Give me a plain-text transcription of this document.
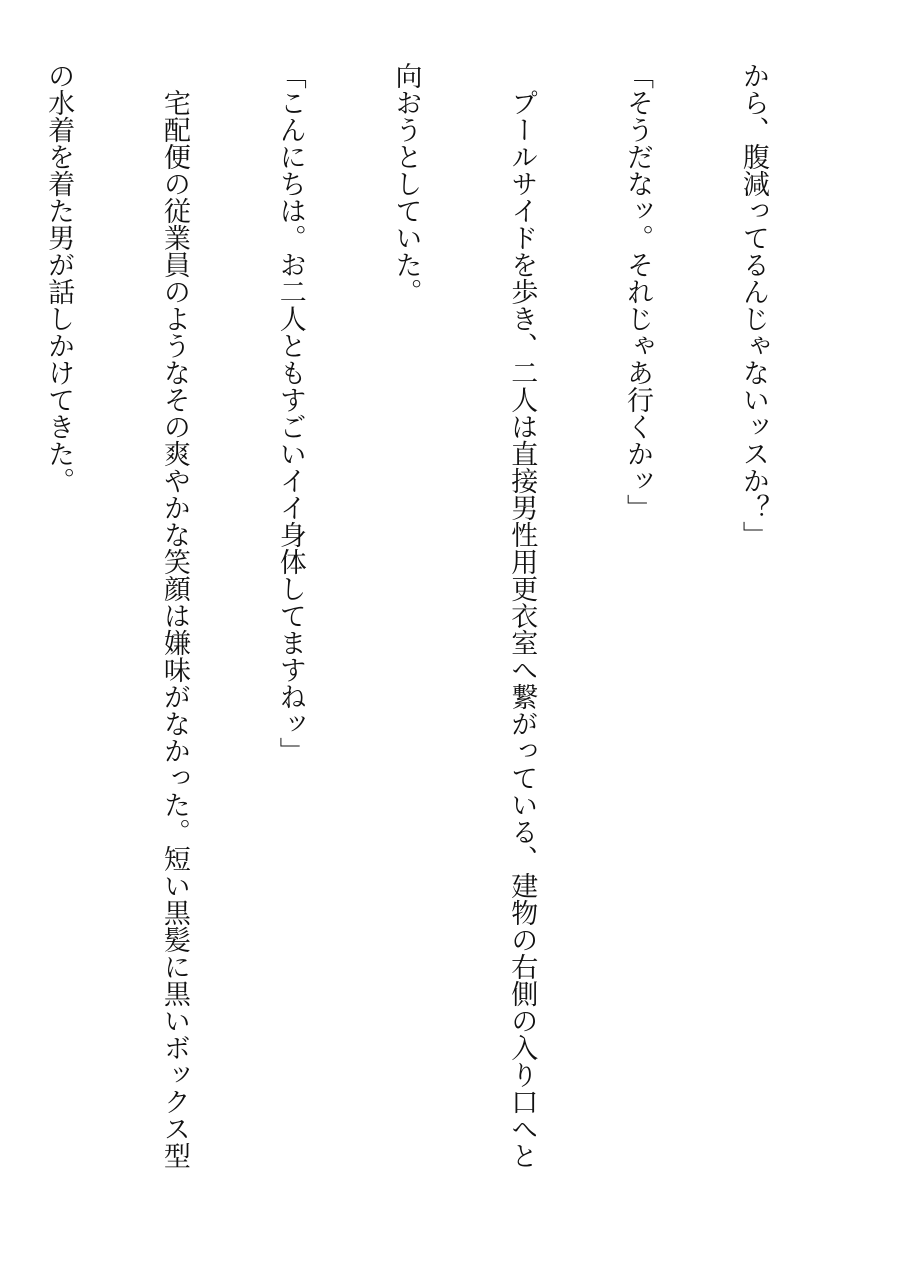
から、腹減ってるんじゃないッスか？」

「そうだなッ。それじゃあ行くかッ」

　プールサイドを歩き、二人は直接男性用更衣室へ繋がっている、建物の右側の入り口へと

向おうとしていた。

「こんにちは。お二人ともすごいイイ身体してますねッ」

　宅配便の従業員のようなその爽やかな笑顔は嫌味がなかった。短い黒髪に黒いボックス型

の水着を着た男が話しかけてきた。
